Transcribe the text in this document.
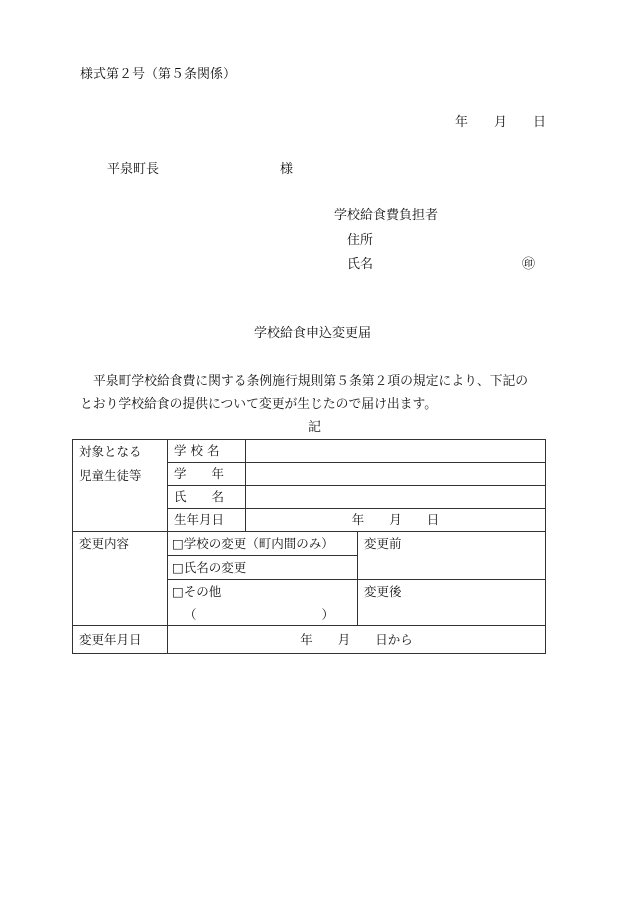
様式第２号（第５条関係）
年　　月　　日
平泉町長	様
学校給食費負担者
住所
氏名	㊞
学校給食申込変更届
平泉町学校給食費に関する条例施行規則第５条第２項の規定により、下記の
とおり学校給食の提供について変更が生じたので届け出ます。
記
対象となる
児童生徒等	学 校 名		
	学　　年		
	氏　　名		
	生年月日	年　　月　　日	
変更内容	□学校の変更（町内間のみ）		変更前
	□氏名の変更		

	□その他
（　　　　　　　　　　）		変更後
変更年月日	年　　月　　日から		
